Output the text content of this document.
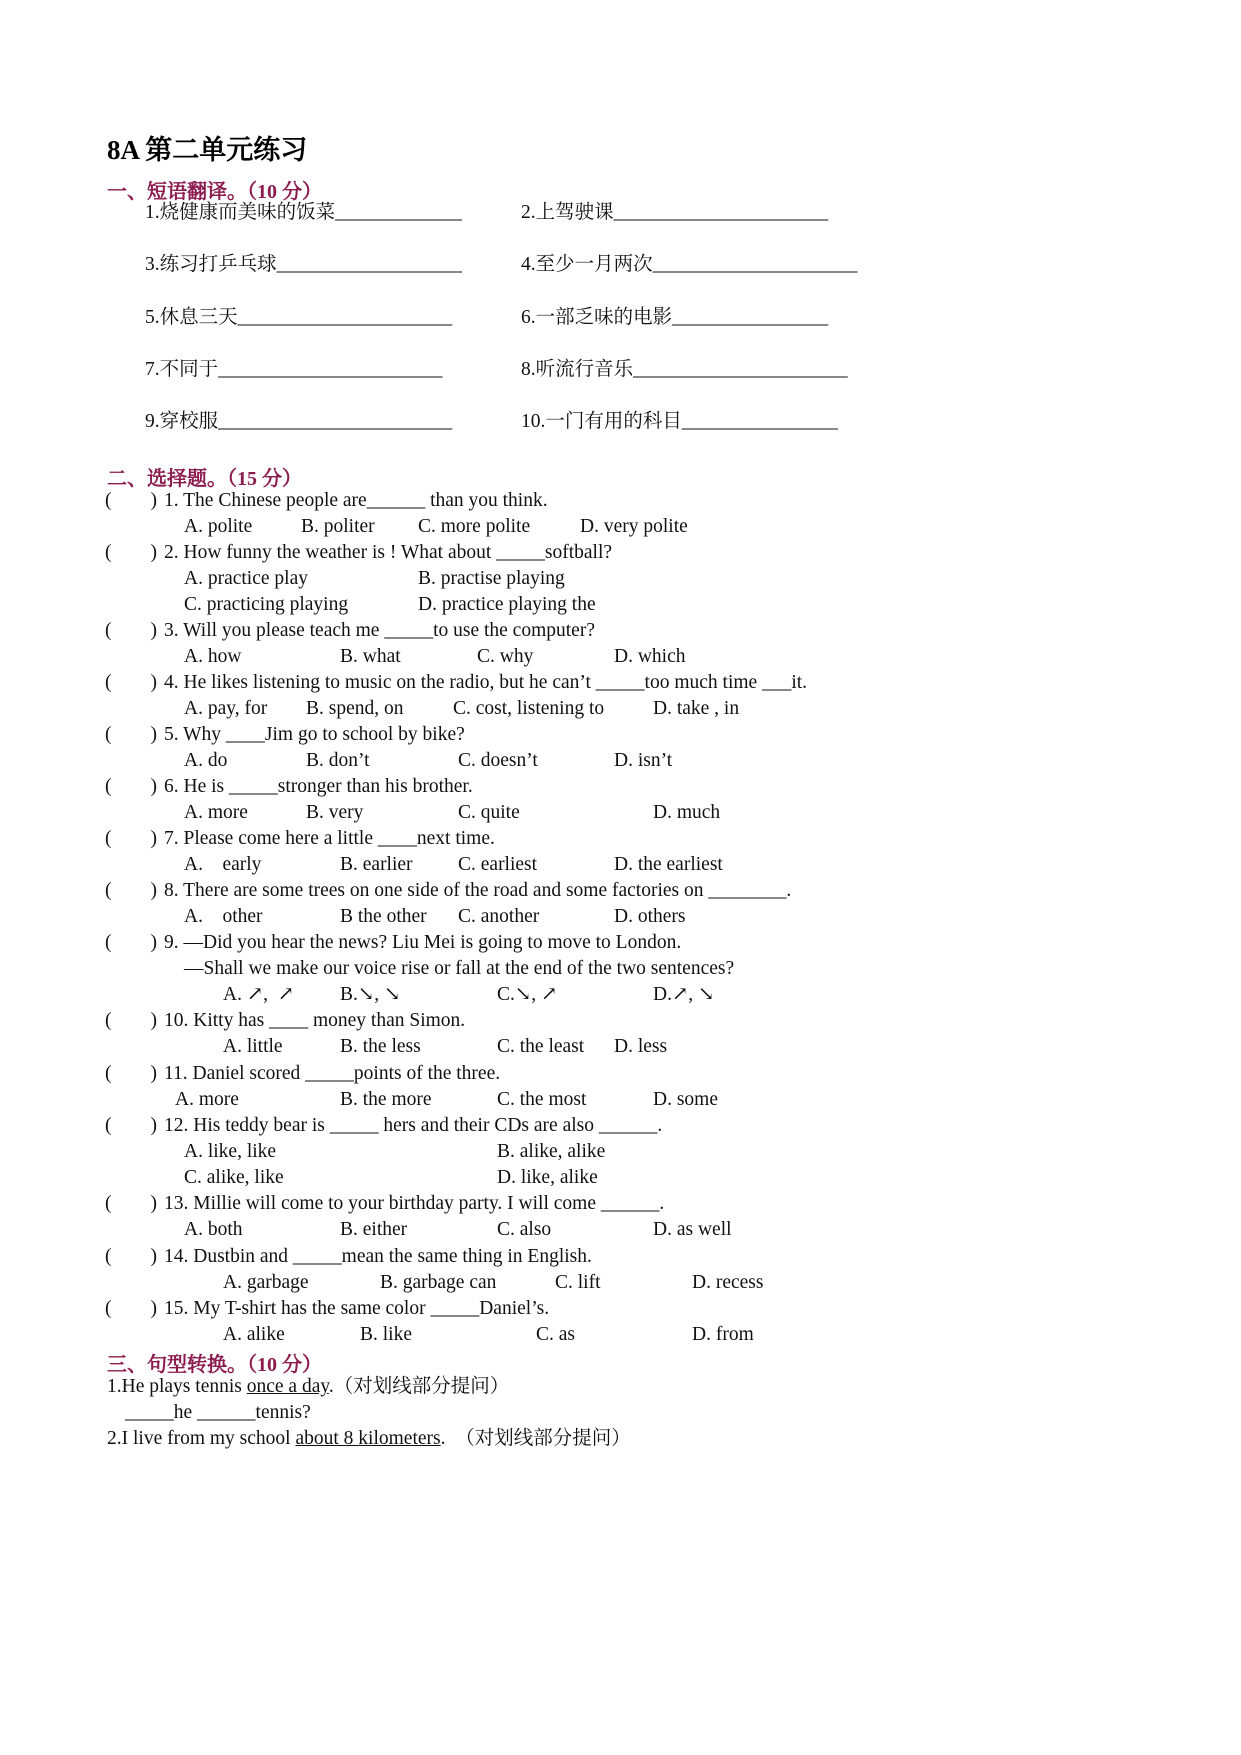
8A 第二单元练习
一、短语翻译。（10 分）
1.烧健康而美味的饭菜_____________	2.上驾驶课______________________
3.练习打乒乓球___________________	4.至少一月两次_____________________
5.休息三天______________________	6.一部乏味的电影________________
7.不同于_______________________	8.听流行音乐______________________
9.穿校服________________________	10.一门有用的科目________________
二、选择题。（15 分）
(        ) 1. The Chinese people are______ than you think.
A. polite	B. politer C. more polite	D. very polite
(        ) 2. How funny the weather is ! What about _____softball?
A. practice play	B. practise playing
C. practicing playing	D. practice playing the
(        ) 3. Will you please teach me _____to use the computer?
A. how	B. what	C. why	D. which
(        ) 4. He likes listening to music on the radio, but he can’t _____too much time ___it.
A. pay, for B. spend, on	C. cost, listening to	D. take , in
(        ) 5. Why ____Jim go to school by bike?
A. do	B. don’t	C. doesn’t	D. isn’t
(        ) 6. He is _____stronger than his brother.
A. more	B. very	C. quite	D. much
(        ) 7. Please come here a little ____next time.
A.    early	B. earlier C. earliest	D. the earliest
(        ) 8. There are some trees on one side of the road and some factories on ________.
A.    other	B the other C. another	D. others
(        ) 9. —Did you hear the news? Liu Mei is going to move to London.
—Shall we make our voice rise or fall at the end of the two sentences?
A. ↗,  ↗ B.↘, ↘	C.↘, ↗	D.↗, ↘
(        ) 10. Kitty has ____ money than Simon.
A. little	B. the less	C. the least D. less
(        ) 11. Daniel scored _____points of the three.
A. more	B. the more	C. the most	D. some
(        ) 12. His teddy bear is _____ hers and their CDs are also ______.
A. like, like	B. alike, alike
C. alike, like	D. like, alike
(        ) 13. Millie will come to your birthday party. I will come ______.
A. both	B. either	C. also	D. as well
(        ) 14. Dustbin and _____mean the same thing in English.
A. garbage	B. garbage can	C. lift	D. recess
(        ) 15. My T-shirt has the same color _____Daniel’s.
A. alike	B. like	C. as	D. from
三、句型转换。（10 分）
1.He plays tennis once a day.（对划线部分提问）
_____he ______tennis?
2.I live from my school about 8 kilometers.  （对划线部分提问）
